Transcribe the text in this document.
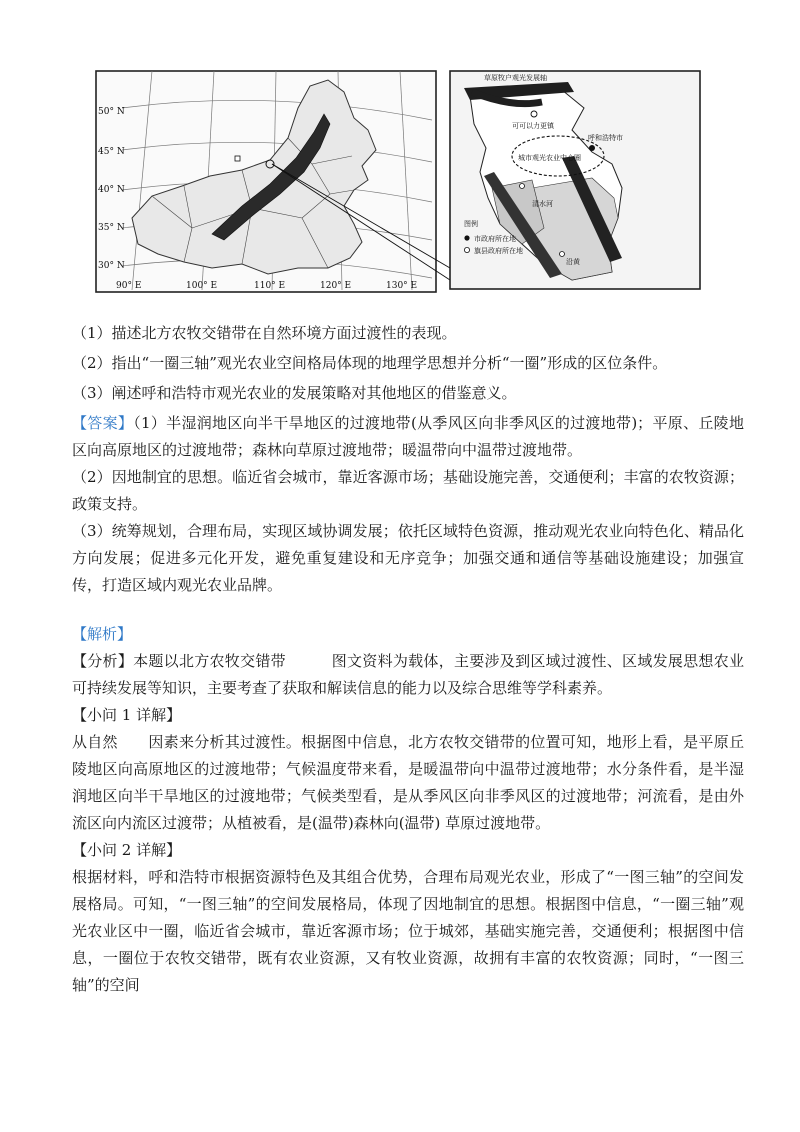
50° N
45° N
40° N
35° N
30° N
90° E	100° E	110° E	120° E	130° E
草原牧户观光发展轴
可可以力更镇
城市观光农业中心圈
呼和浩特市
清水河
沿黄
图例
市政府所在地
旗县政府所在地
（1）描述北方农牧交错带在自然环境方面过渡性的表现。
（2）指出“一圈三轴”观光农业空间格局体现的地理学思想并分析“一圈”形成的区位条件。
（3）阐述呼和浩特市观光农业的发展策略对其他地区的借鉴意义。

【答案】（1）半湿润地区向半干旱地区的过渡地带(从季风区向非季风区的过渡地带)；平原、丘陵地区向高原地区的过渡地带；森林向草原过渡地带；暖温带向中温带过渡地带。

（2）因地制宜的思想。临近省会城市，靠近客源市场；基础设施完善，交通便利；丰富的农牧资源；政策支持。

（3）统筹规划，合理布局，实现区域协调发展；依托区域特色资源，推动观光农业向特色化、精品化方向发展；促进多元化开发，避免重复建设和无序竞争；加强交通和通信等基础设施建设；加强宣传，打造区域内观光农业品牌。

【解析】

【分析】本题以北方农牧交错带　　　图文资料为载体，主要涉及到区域过渡性、区域发展思想农业可持续发展等知识，主要考查了获取和解读信息的能力以及综合思维等学科素养。

【小问 1 详解】

从自然　　因素来分析其过渡性。根据图中信息，北方农牧交错带的位置可知，地形上看，是平原丘陵地区向高原地区的过渡地带；气候温度带来看，是暖温带向中温带过渡地带；水分条件看，是半湿润地区向半干旱地区的过渡地带；气候类型看，是从季风区向非季风区的过渡地带；河流看，是由外流区向内流区过渡带；从植被看，是(温带)森林向(温带) 草原过渡地带。

【小问 2 详解】

根据材料，呼和浩特市根据资源特色及其组合优势，合理布局观光农业，形成了“一图三轴”的空间发展格局。可知，“一图三轴”的空间发展格局，体现了因地制宜的思想。根据图中信息，“一圈三轴”观光农业区中一圈，临近省会城市，靠近客源市场；位于城郊，基础实施完善，交通便利；根据图中信息，一圈位于农牧交错带，既有农业资源，又有牧业资源，故拥有丰富的农牧资源；同时，“一图三轴”的空间
